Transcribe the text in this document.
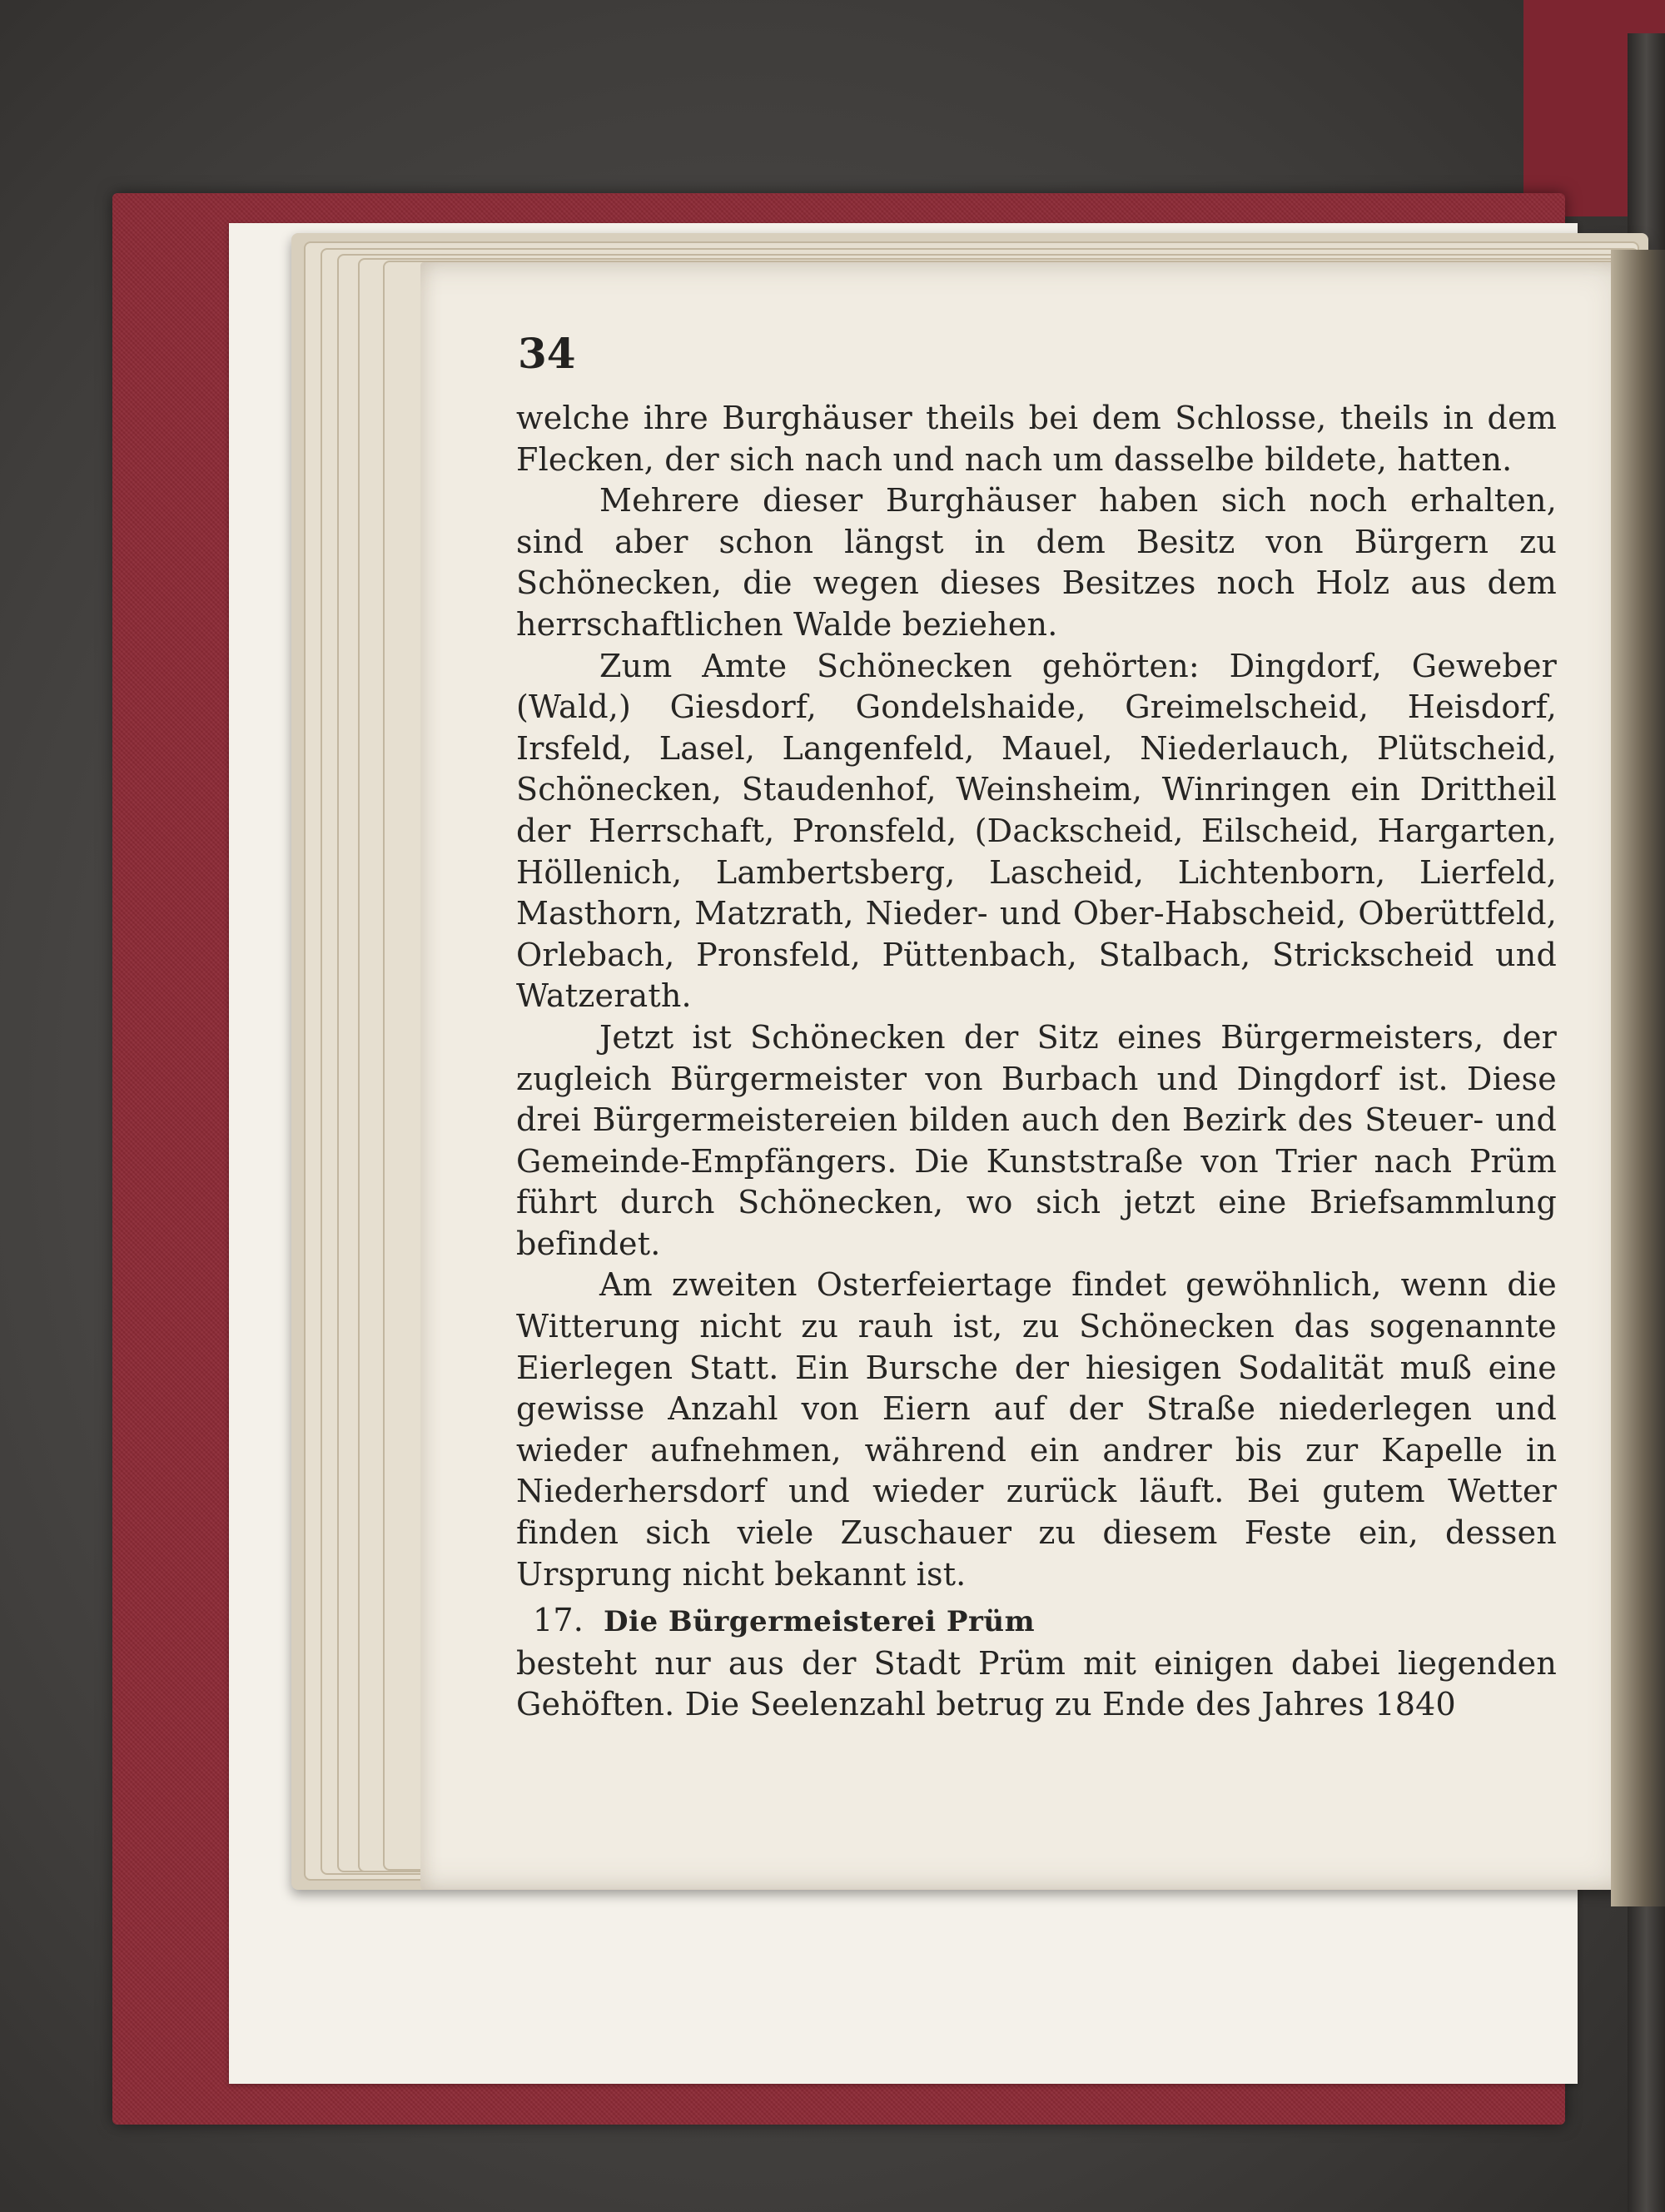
34

welche ihre Burghäuser theils bei dem Schlosse, theils in dem Flecken, der sich nach und nach um dasselbe bildete, hatten.

Mehrere dieser Burghäuser haben sich noch erhalten, sind aber schon längst in dem Besitz von Bürgern zu Schönecken, die wegen dieses Besitzes noch Holz aus dem herrschaftlichen Walde beziehen.

Zum Amte Schönecken gehörten: Dingdorf, Geweber (Wald,) Giesdorf, Gondelshaide, Greimelscheid, Heisdorf, Irsfeld, Lasel, Langenfeld, Mauel, Niederlauch, Plütscheid, Schönecken, Staudenhof, Weinsheim, Winringen ein Drittheil der Herrschaft, Pronsfeld, (Dackscheid, Eilscheid, Hargarten, Höllenich, Lambertsberg, Lascheid, Lichtenborn, Lierfeld, Masthorn, Matzrath, Nieder- und Ober-Habscheid, Oberüttfeld, Orlebach, Pronsfeld, Püttenbach, Stalbach, Strickscheid und Watzerath.

Jetzt ist Schönecken der Sitz eines Bürgermeisters, der zugleich Bürgermeister von Burbach und Dingdorf ist. Diese drei Bürgermeistereien bilden auch den Bezirk des Steuer- und Gemeinde-Empfängers. Die Kunststraße von Trier nach Prüm führt durch Schönecken, wo sich jetzt eine Briefsammlung befindet.

Am zweiten Osterfeiertage findet gewöhnlich, wenn die Witterung nicht zu rauh ist, zu Schönecken das sogenannte Eierlegen Statt. Ein Bursche der hiesigen Sodalität muß eine gewisse Anzahl von Eiern auf der Straße niederlegen und wieder aufnehmen, während ein andrer bis zur Kapelle in Niederhersdorf und wieder zurück läuft. Bei gutem Wetter finden sich viele Zuschauer zu diesem Feste ein, dessen Ursprung nicht bekannt ist.

17. Die Bürgermeisterei Prüm

besteht nur aus der Stadt Prüm mit einigen dabei liegenden Gehöften. Die Seelenzahl betrug zu Ende des Jahres 1840
